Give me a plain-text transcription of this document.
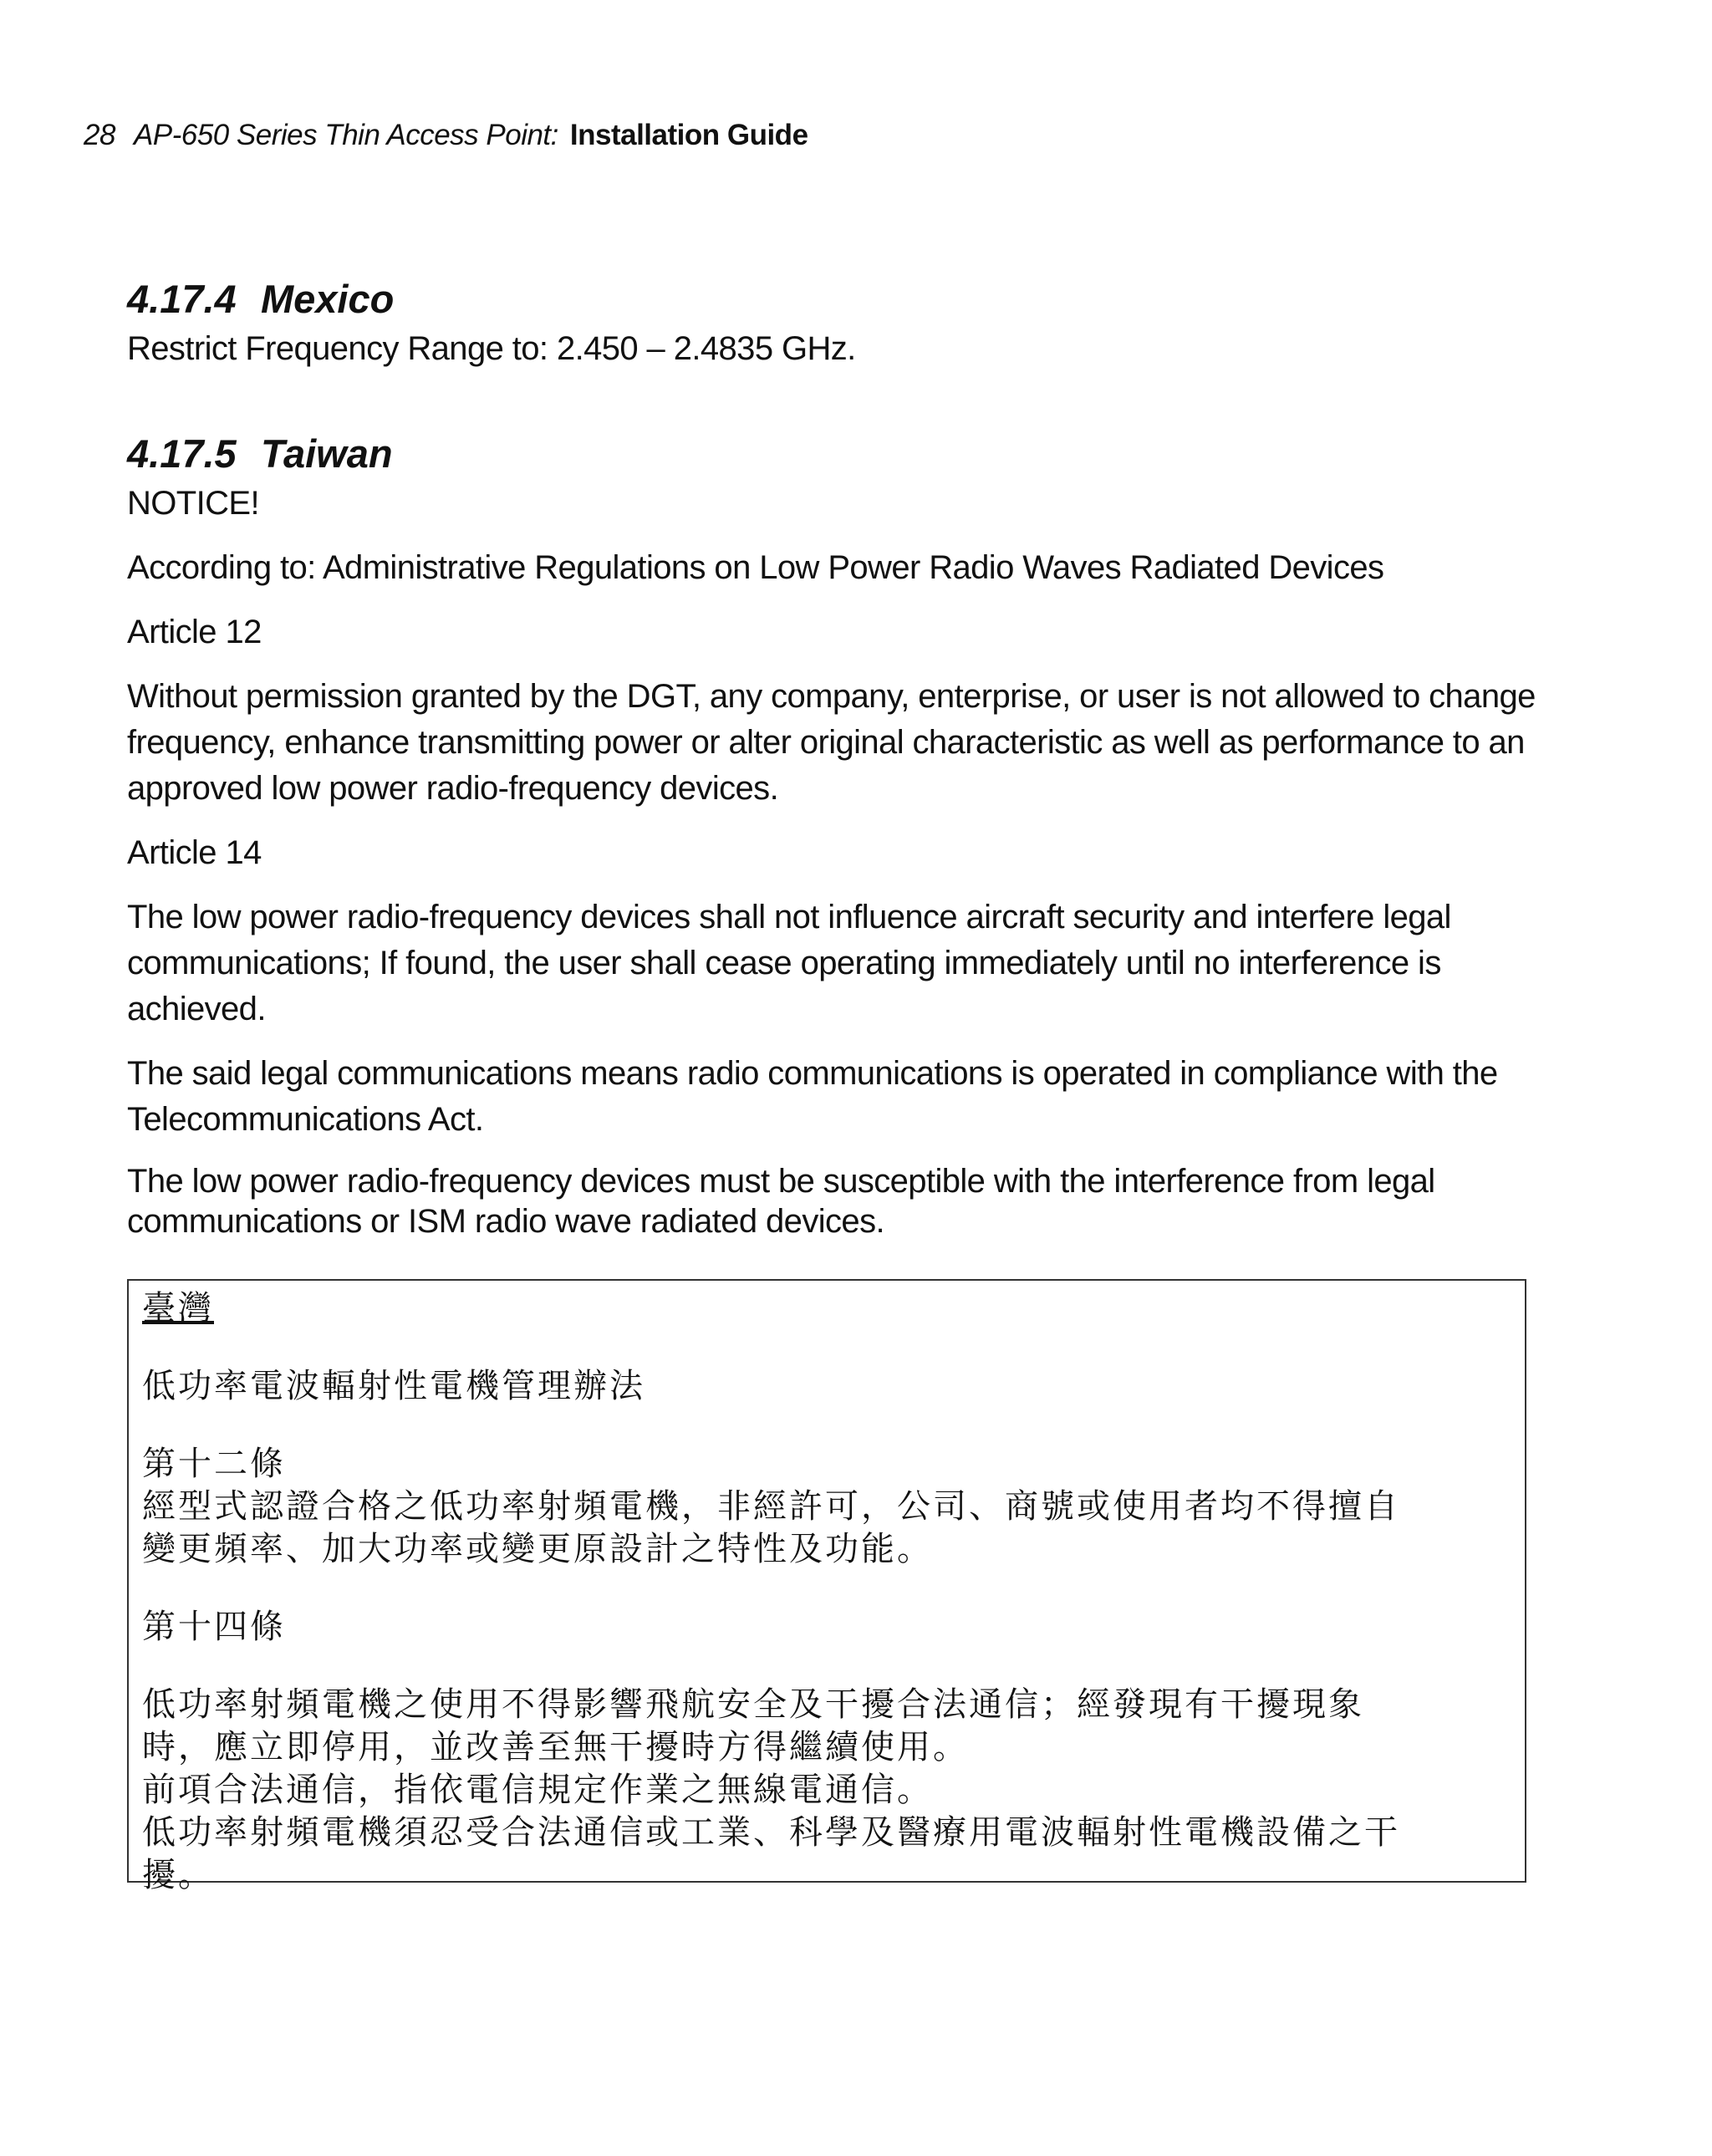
28 AP-650 Series Thin Access Point: Installation Guide
4.17.4 Mexico

Restrict Frequency Range to: 2.450 – 2.4835 GHz.

4.17.5 Taiwan

NOTICE!

According to: Administrative Regulations on Low Power Radio Waves Radiated Devices

Article 12

Without permission granted by the DGT, any company, enterprise, or user is not allowed to change frequency, enhance transmitting power or alter original characteristic as well as performance to an approved low power radio-frequency devices.

Article 14

The low power radio-frequency devices shall not influence aircraft security and interfere legal communications; If found, the user shall cease operating immediately until no interference is achieved.

The said legal communications means radio communications is operated in compliance with the Telecommunications Act.

The low power radio-frequency devices must be susceptible with the interference from legal communications or ISM radio wave radiated devices.

臺灣

低功率電波輻射性電機管理辦法

第十二條

經型式認證合格之低功率射頻電機，非經許可，公司、商號或使用者均不得擅自

變更頻率、加大功率或變更原設計之特性及功能。

第十四條

低功率射頻電機之使用不得影響飛航安全及干擾合法通信；經發現有干擾現象

時，應立即停用，並改善至無干擾時方得繼續使用。

前項合法通信，指依電信規定作業之無線電通信。

低功率射頻電機須忍受合法通信或工業、科學及醫療用電波輻射性電機設備之干

擾。
